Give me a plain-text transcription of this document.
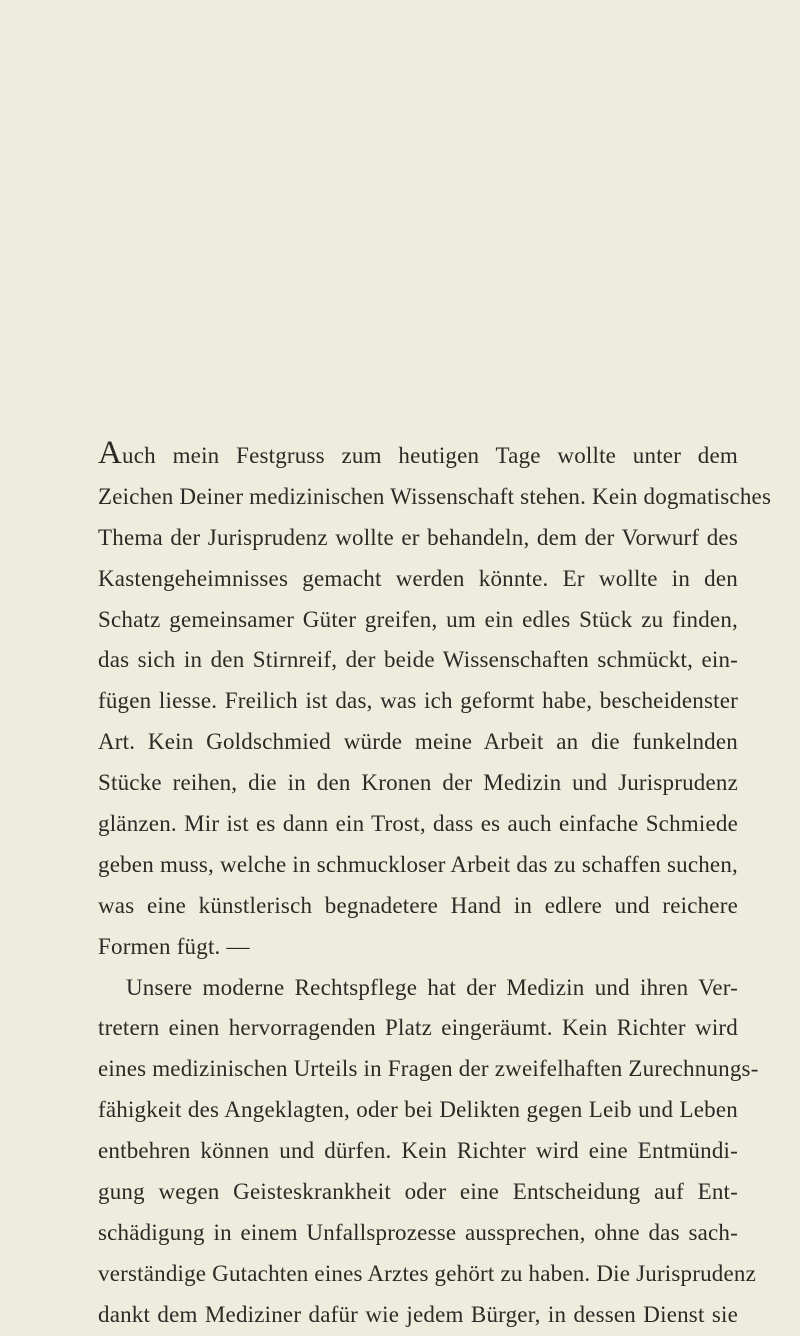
Auch mein Festgruss zum heutigen Tage wollte unter dem
Zeichen Deiner medizinischen Wissenschaft stehen. Kein dogmatisches
Thema der Jurisprudenz wollte er behandeln, dem der Vorwurf des
Kastengeheimnisses gemacht werden könnte. Er wollte in den
Schatz gemeinsamer Güter greifen, um ein edles Stück zu finden,
das sich in den Stirnreif, der beide Wissenschaften schmückt, ein-
fügen liesse. Freilich ist das, was ich geformt habe, bescheidenster
Art. Kein Goldschmied würde meine Arbeit an die funkelnden
Stücke reihen, die in den Kronen der Medizin und Jurisprudenz
glänzen. Mir ist es dann ein Trost, dass es auch einfache Schmiede
geben muss, welche in schmuckloser Arbeit das zu schaffen suchen,
was eine künstlerisch begnadetere Hand in edlere und reichere
Formen fügt. —
Unsere moderne Rechtspflege hat der Medizin und ihren Ver-
tretern einen hervorragenden Platz eingeräumt. Kein Richter wird
eines medizinischen Urteils in Fragen der zweifelhaften Zurechnungs-
fähigkeit des Angeklagten, oder bei Delikten gegen Leib und Leben
entbehren können und dürfen. Kein Richter wird eine Entmündi-
gung wegen Geisteskrankheit oder eine Entscheidung auf Ent-
schädigung in einem Unfallsprozesse aussprechen, ohne das sach-
verständige Gutachten eines Arztes gehört zu haben. Die Jurisprudenz
dankt dem Mediziner dafür wie jedem Bürger, in dessen Dienst sie
